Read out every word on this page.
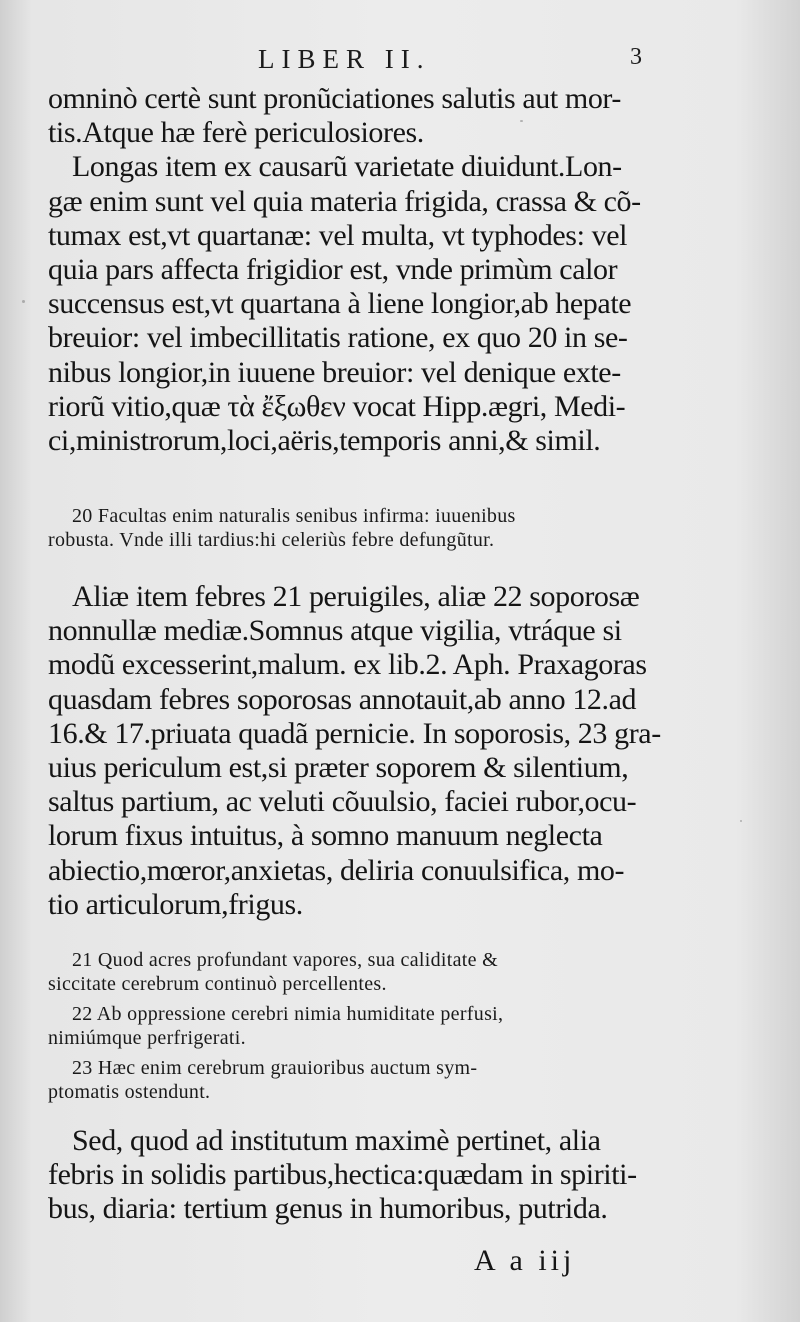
LIBER II.	3
omninò certè sunt pronũciationes salutis aut mor-
tis.Atque hæ ferè periculosiores.
Longas item ex causarũ varietate diuidunt.Lon-
gæ enim sunt vel quia materia frigida, crassa & cõ-
tumax est,vt quartanæ: vel multa, vt typhodes: vel
quia pars affecta frigidior est, vnde primùm calor
succensus est,vt quartana à liene longior,ab hepate
breuior: vel imbecillitatis ratione, ex quo 20 in se-
nibus longior,in iuuene breuior: vel denique exte-
riorũ vitio,quæ τὰ ἔξωθεν vocat Hipp.ægri, Medi-
ci,ministrorum,loci,aëris,temporis anni,& simil.
20 Facultas enim naturalis senibus infirma: iuuenibus
robusta. Vnde illi tardius:hi celeriùs febre defungũtur.
Aliæ item febres 21 peruigiles, aliæ 22 soporosæ
nonnullæ mediæ.Somnus atque vigilia, vtráque si
modũ excesserint,malum. ex lib.2. Aph. Praxagoras
quasdam febres soporosas annotauit,ab anno 12.ad
16.& 17.priuata quadã pernicie. In soporosis, 23 gra-
uius periculum est,si præter soporem & silentium,
saltus partium, ac veluti cõuulsio, faciei rubor,ocu-
lorum fixus intuitus, à somno manuum neglecta
abiectio,mœror,anxietas, deliria conuulsifica, mo-
tio articulorum,frigus.
21 Quod acres profundant vapores, sua caliditate &
siccitate cerebrum continuò percellentes.
22 Ab oppressione cerebri nimia humiditate perfusi,
nimiúmque perfrigerati.
23 Hæc enim cerebrum grauioribus auctum sym-
ptomatis ostendunt.
Sed, quod ad institutum maximè pertinet, alia
febris in solidis partibus,hectica:quædam in spiriti-
bus, diaria: tertium genus in humoribus, putrida.
A a iij
